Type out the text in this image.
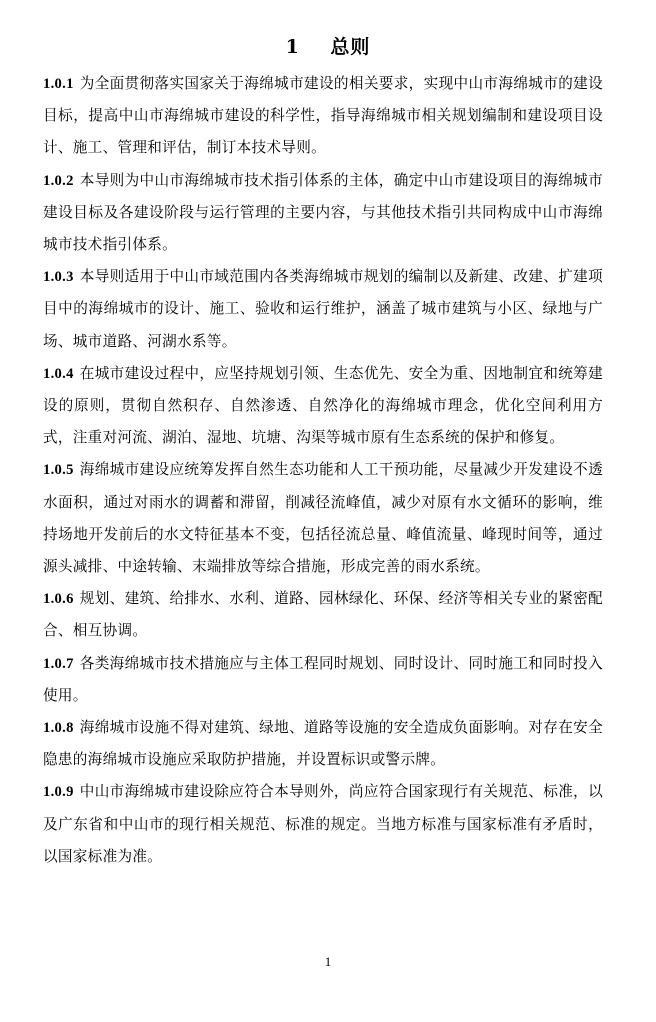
1    总则

1.0.1 为全面贯彻落实国家关于海绵城市建设的相关要求，实现中山市海绵城市的建设目标，提高中山市海绵城市建设的科学性，指导海绵城市相关规划编制和建设项目设计、施工、管理和评估，制订本技术导则。

1.0.2 本导则为中山市海绵城市技术指引体系的主体，确定中山市建设项目的海绵城市建设目标及各建设阶段与运行管理的主要内容，与其他技术指引共同构成中山市海绵城市技术指引体系。

1.0.3 本导则适用于中山市域范围内各类海绵城市规划的编制以及新建、改建、扩建项目中的海绵城市的设计、施工、验收和运行维护，涵盖了城市建筑与小区、绿地与广场、城市道路、河湖水系等。

1.0.4 在城市建设过程中，应坚持规划引领、生态优先、安全为重、因地制宜和统筹建设的原则，贯彻自然积存、自然渗透、自然净化的海绵城市理念，优化空间利用方式，注重对河流、湖泊、湿地、坑塘、沟渠等城市原有生态系统的保护和修复。

1.0.5 海绵城市建设应统筹发挥自然生态功能和人工干预功能，尽量减少开发建设不透水面积，通过对雨水的调蓄和滞留，削减径流峰值，减少对原有水文循环的影响，维持场地开发前后的水文特征基本不变，包括径流总量、峰值流量、峰现时间等，通过源头减排、中途转输、末端排放等综合措施，形成完善的雨水系统。

1.0.6 规划、建筑、给排水、水利、道路、园林绿化、环保、经济等相关专业的紧密配合、相互协调。

1.0.7 各类海绵城市技术措施应与主体工程同时规划、同时设计、同时施工和同时投入使用。

1.0.8 海绵城市设施不得对建筑、绿地、道路等设施的安全造成负面影响。对存在安全隐患的海绵城市设施应采取防护措施，并设置标识或警示牌。

1.0.9 中山市海绵城市建设除应符合本导则外，尚应符合国家现行有关规范、标准，以及广东省和中山市的现行相关规范、标准的规定。当地方标准与国家标准有矛盾时，以国家标准为准。

1
